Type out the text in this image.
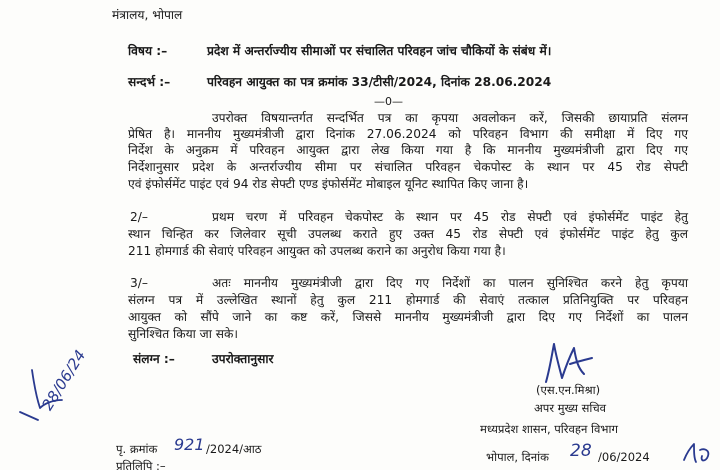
मंत्रालय, भोपाल
विषय :–	प्रदेश में अन्तर्राज्यीय सीमाओं पर संचालित परिवहन जांच चौकियों के संबंध में।
सन्दर्भ :–	परिवहन आयुक्त का पत्र क्रमांक 33/टीसी/2024, दिनांक 28.06.2024
—0—
उपरोक्त विषयान्तर्गत सन्दर्भित पत्र का कृपया अवलोकन करें, जिसकी छायाप्रति संलग्न
प्रेषित है। माननीय मुख्यमंत्रीजी द्वारा दिनांक 27.06.2024 को परिवहन विभाग की समीक्षा में दिए गए
निर्देश के अनुक्रम में परिवहन आयुक्त द्वारा लेख किया गया है कि माननीय मुख्यमंत्रीजी द्वारा दिए गए
निर्देशानुसार प्रदेश के अन्तर्राज्यीय सीमा पर संचालित परिवहन चेकपोस्ट के स्थान पर 45 रोड सेफ्टी
एवं इंफोर्समेंट पाइंट एवं 94 रोड सेफ्टी एण्ड इंफोर्समेंट मोबाइल यूनिट स्थापित किए जाना है।
2/–	प्रथम चरण में परिवहन चेकपोस्ट के स्थान पर 45 रोड सेफ्टी एवं इंफोर्समेंट पाइंट हेतु
स्थान चिन्हित कर जिलेवार सूची उपलब्ध कराते हुए उक्त 45 रोड सेफ्टी एवं इंफोर्समेंट पाइंट हेतु कुल
211 होमगार्ड की सेवाएं परिवहन आयुक्त को उपलब्ध कराने का अनुरोध किया गया है।
3/–	अतः माननीय मुख्यमंत्रीजी द्वारा दिए गए निर्देशों का पालन सुनिश्चित करने हेतु कृपया
संलग्न पत्र में उल्लेखित स्थानों हेतु कुल 211 होमगार्ड की सेवाएं तत्काल प्रतिनियुक्ति पर परिवहन
आयुक्त को सौंपे जाने का कष्ट करें, जिससे माननीय मुख्यमंत्रीजी द्वारा दिए गए निर्देशों का पालन
सुनिश्चित किया जा सके।
संलग्न :–	उपरोक्तानुसार
(एस.एन.मिश्रा)
अपर मुख्य सचिव
मध्यप्रदेश शासन, परिवहन विभाग
28/06/24
पृ. क्रमांक 921 /2024/आठ
प्रतिलिपि :–
भोपाल, दिनांक 28 /06/2024
